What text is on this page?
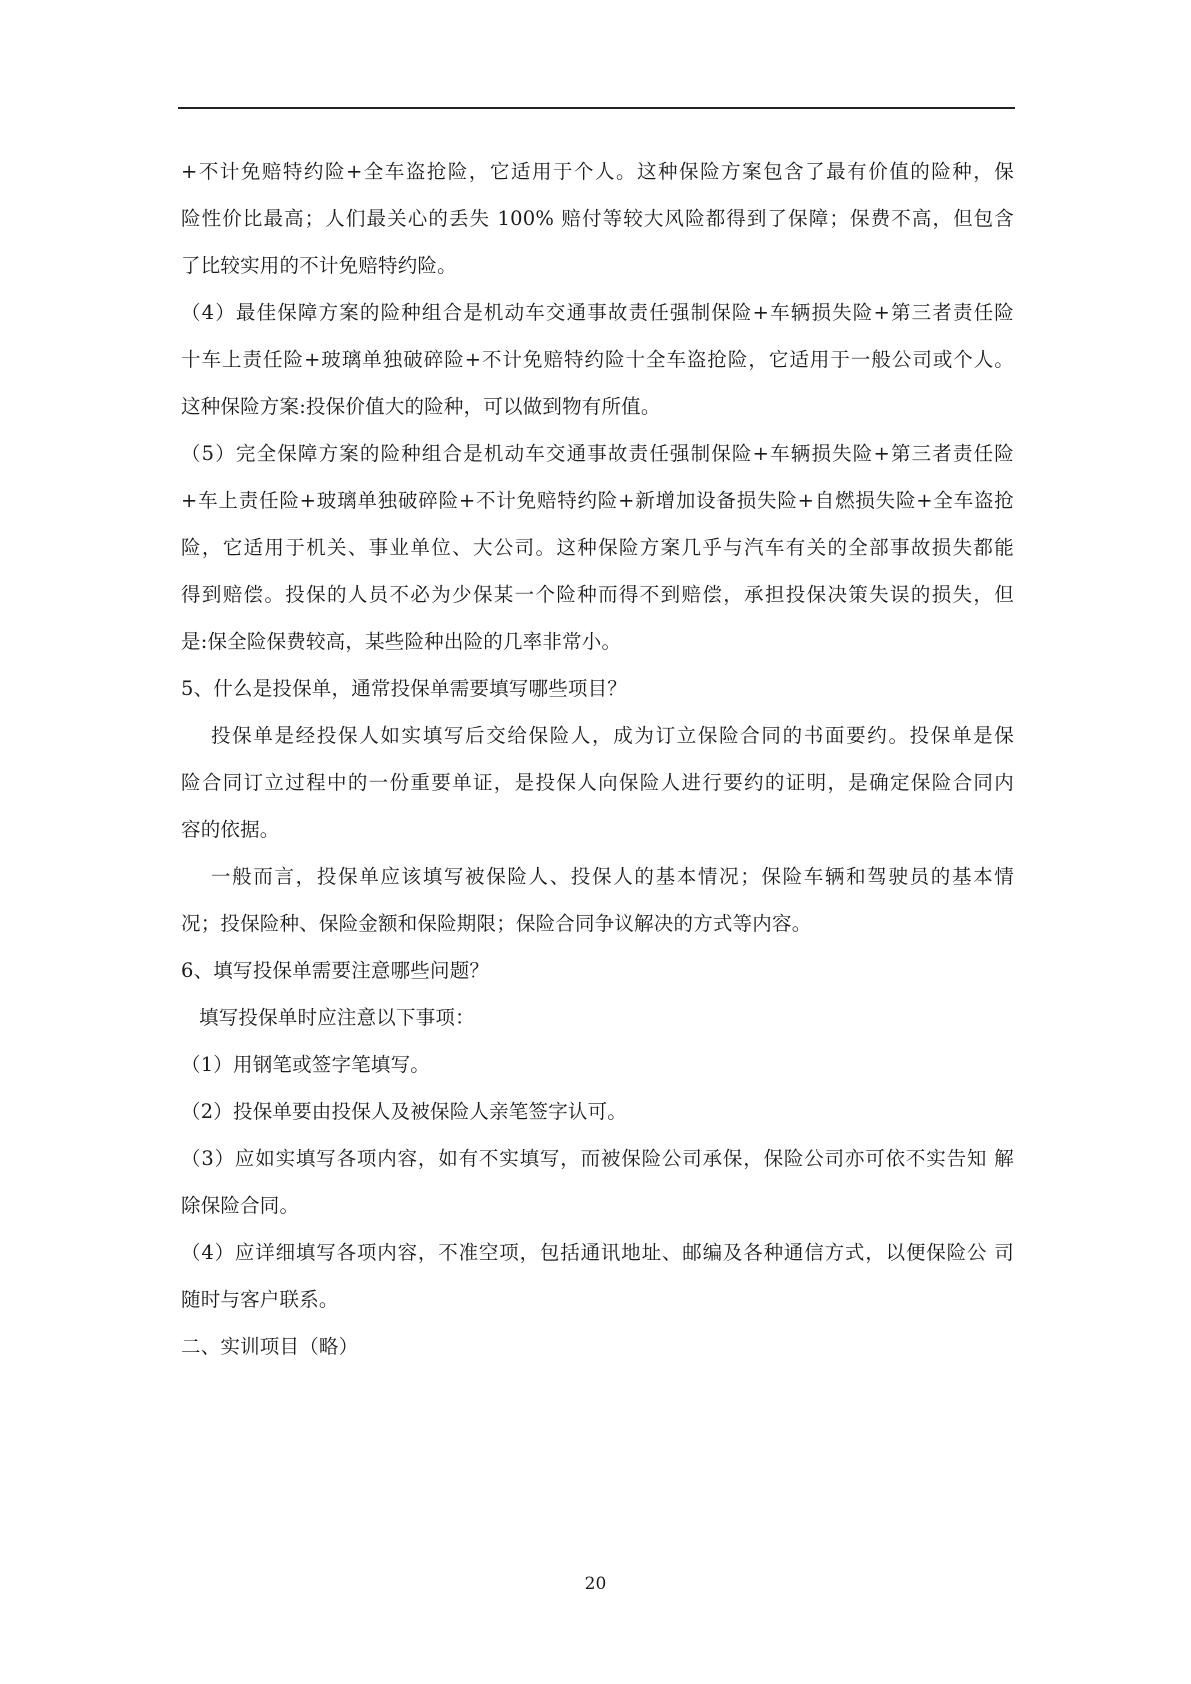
+不计免赔特约险+全车盗抢险，它适用于个人。这种保险方案包含了最有价值的险种，保
险性价比最高；人们最关心的丢失 100% 赔付等较大风险都得到了保障；保费不高，但包含
了比较实用的不计免赔特约险。
（4）最佳保障方案的险种组合是机动车交通事故责任强制保险+车辆损失险+第三者责任险
十车上责任险+玻璃单独破碎险+不计免赔特约险十全车盗抢险，它适用于一般公司或个人。
这种保险方案:投保价值大的险种，可以做到物有所值。
（5）完全保障方案的险种组合是机动车交通事故责任强制保险+车辆损失险+第三者责任险
+车上责任险+玻璃单独破碎险+不计免赔特约险+新增加设备损失险+自燃损失险+全车盗抢
险，它适用于机关、事业单位、大公司。这种保险方案几乎与汽车有关的全部事故损失都能
得到赔偿。投保的人员不必为少保某一个险种而得不到赔偿，承担投保决策失误的损失，但
是:保全险保费较高，某些险种出险的几率非常小。
5、什么是投保单，通常投保单需要填写哪些项目？
投保单是经投保人如实填写后交给保险人，成为订立保险合同的书面要约。投保单是保
险合同订立过程中的一份重要单证，是投保人向保险人进行要约的证明，是确定保险合同内
容的依据。
一般而言，投保单应该填写被保险人、投保人的基本情况；保险车辆和驾驶员的基本情
况；投保险种、保险金额和保险期限；保险合同争议解决的方式等内容。
6、填写投保单需要注意哪些问题？
填写投保单时应注意以下事项：
（1）用钢笔或签字笔填写。
（2）投保单要由投保人及被保险人亲笔签字认可。
（3）应如实填写各项内容，如有不实填写，而被保险公司承保，保险公司亦可依不实告知 解
除保险合同。
（4）应详细填写各项内容，不准空项，包括通讯地址、邮编及各种通信方式，以便保险公 司
随时与客户联系。
二、实训项目（略）
20
